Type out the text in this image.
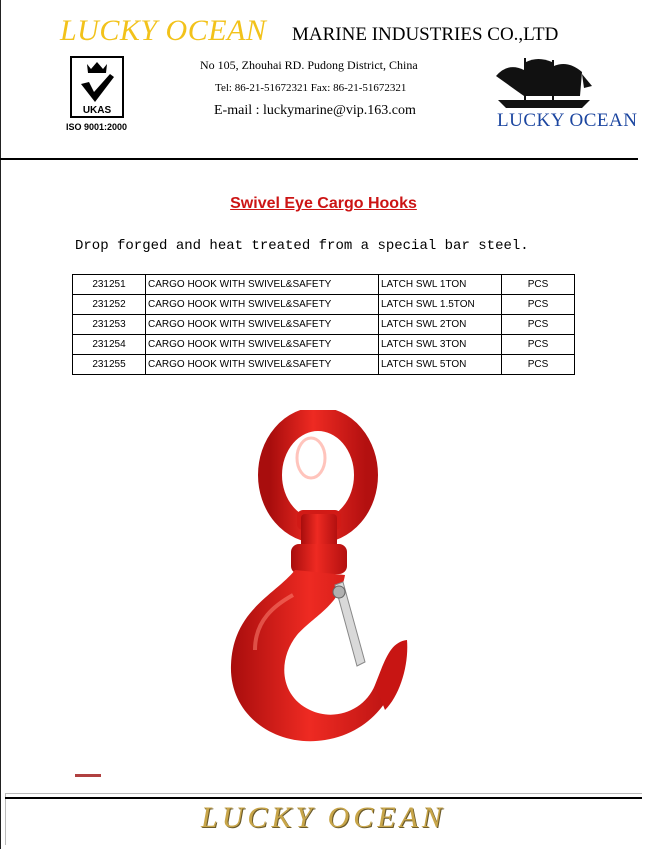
LUCKY OCEAN MARINE INDUSTRIES CO.,LTD
No 105, Zhouhai RD. Pudong District, China
Tel: 86-21-51672321 Fax: 86-21-51672321
E-mail : luckymarine@vip.163.com
UKAS
ISO 9001:2000	LUCKY OCEAN
Swivel Eye Cargo Hooks
Drop forged and heat treated from a special bar steel.
231251	CARGO HOOK WITH SWIVEL&SAFETY	LATCH SWL 1TON	PCS
231252	CARGO HOOK WITH SWIVEL&SAFETY	LATCH SWL 1.5TON	PCS
231253	CARGO HOOK WITH SWIVEL&SAFETY	LATCH SWL 2TON	PCS
231254	CARGO HOOK WITH SWIVEL&SAFETY	LATCH SWL 3TON	PCS
231255	CARGO HOOK WITH SWIVEL&SAFETY	LATCH SWL 5TON	PCS
LUCKY OCEAN
